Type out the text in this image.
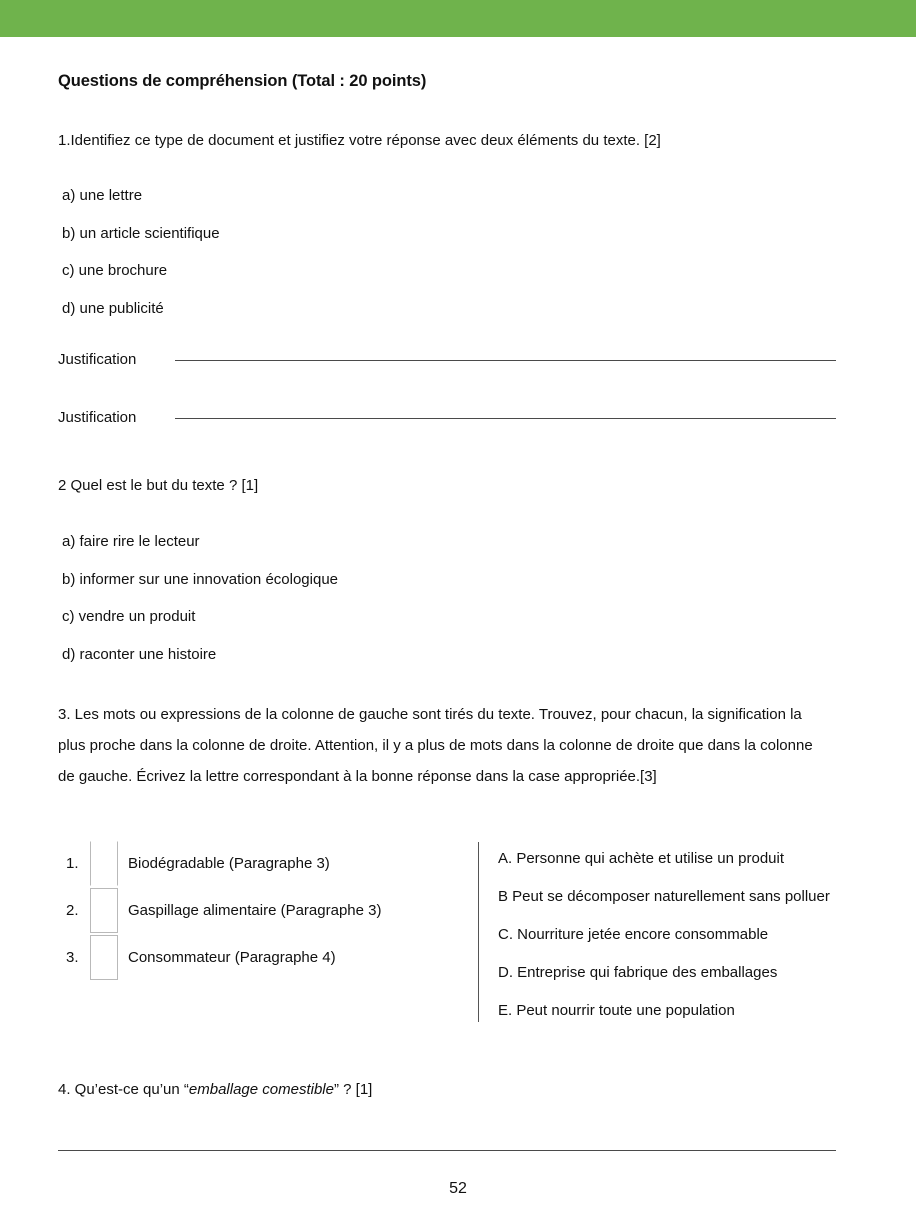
Questions de compréhension (Total : 20 points)
1.Identifiez ce type de document et justifiez votre réponse avec deux éléments du texte. [2]
a) une lettre
b) un article scientifique
c) une brochure
d) une publicité
Justification
Justification
2 Quel est le but du texte ? [1]
a) faire rire le lecteur
b) informer sur une innovation écologique
c) vendre un produit
d) raconter une histoire
3. Les mots ou expressions de la colonne de gauche sont tirés du texte. Trouvez, pour chacun, la signification la plus proche dans la colonne de droite. Attention, il y a plus de mots dans la colonne de droite que dans la colonne de gauche. Écrivez la lettre correspondant à la bonne réponse dans la case appropriée.[3]
1.	Biodégradable (Paragraphe 3)
2.	Gaspillage alimentaire (Paragraphe 3)
3.	Consommateur (Paragraphe 4)
A. Personne qui achète et utilise un produit
B Peut se décomposer naturellement sans polluer
C. Nourriture jetée encore consommable
D. Entreprise qui fabrique des emballages
E. Peut nourrir toute une population
4. Qu’est-ce qu’un “emballage comestible” ? [1]
52
